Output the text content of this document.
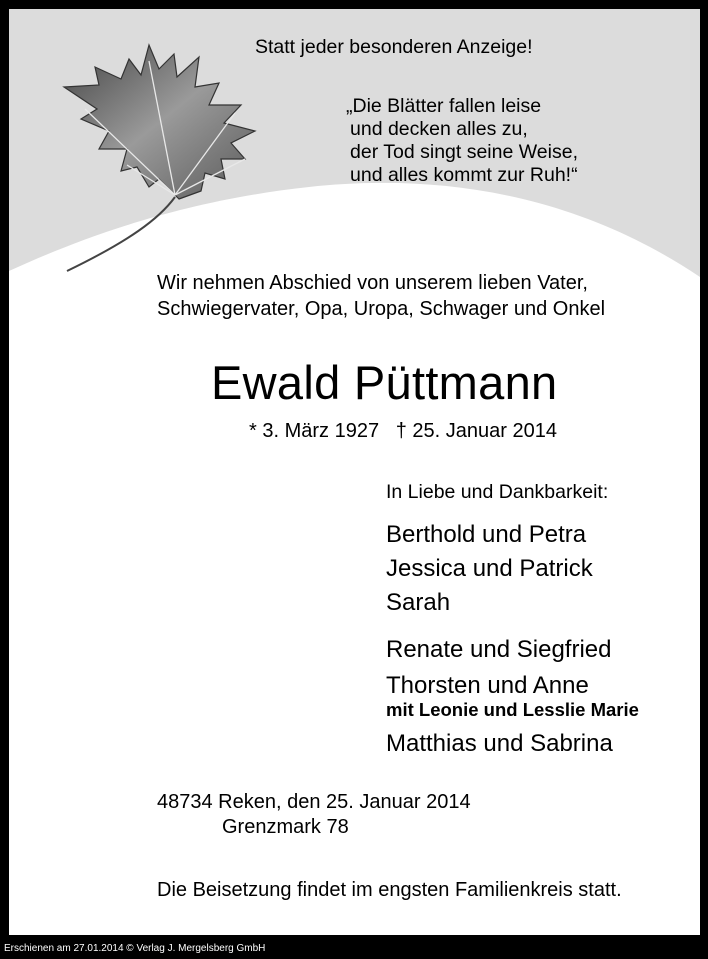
Statt jeder besonderen Anzeige!
„Die Blätter fallen leise
und decken alles zu,
der Tod singt seine Weise,
und alles kommt zur Ruh!“
Wir nehmen Abschied von unserem lieben Vater,
Schwiegervater, Opa, Uropa, Schwager und Onkel
Ewald Püttmann
* 3. März 1927   † 25. Januar 2014
In Liebe und Dankbarkeit:
Berthold und Petra
Jessica und Patrick
Sarah
Renate und Siegfried
Thorsten und Anne
mit Leonie und Lesslie Marie
Matthias und Sabrina
48734 Reken, den 25. Januar 2014
Grenzmark 78
Die Beisetzung findet im engsten Familienkreis statt.
Erschienen am 27.01.2014 © Verlag J. Mergelsberg GmbH
